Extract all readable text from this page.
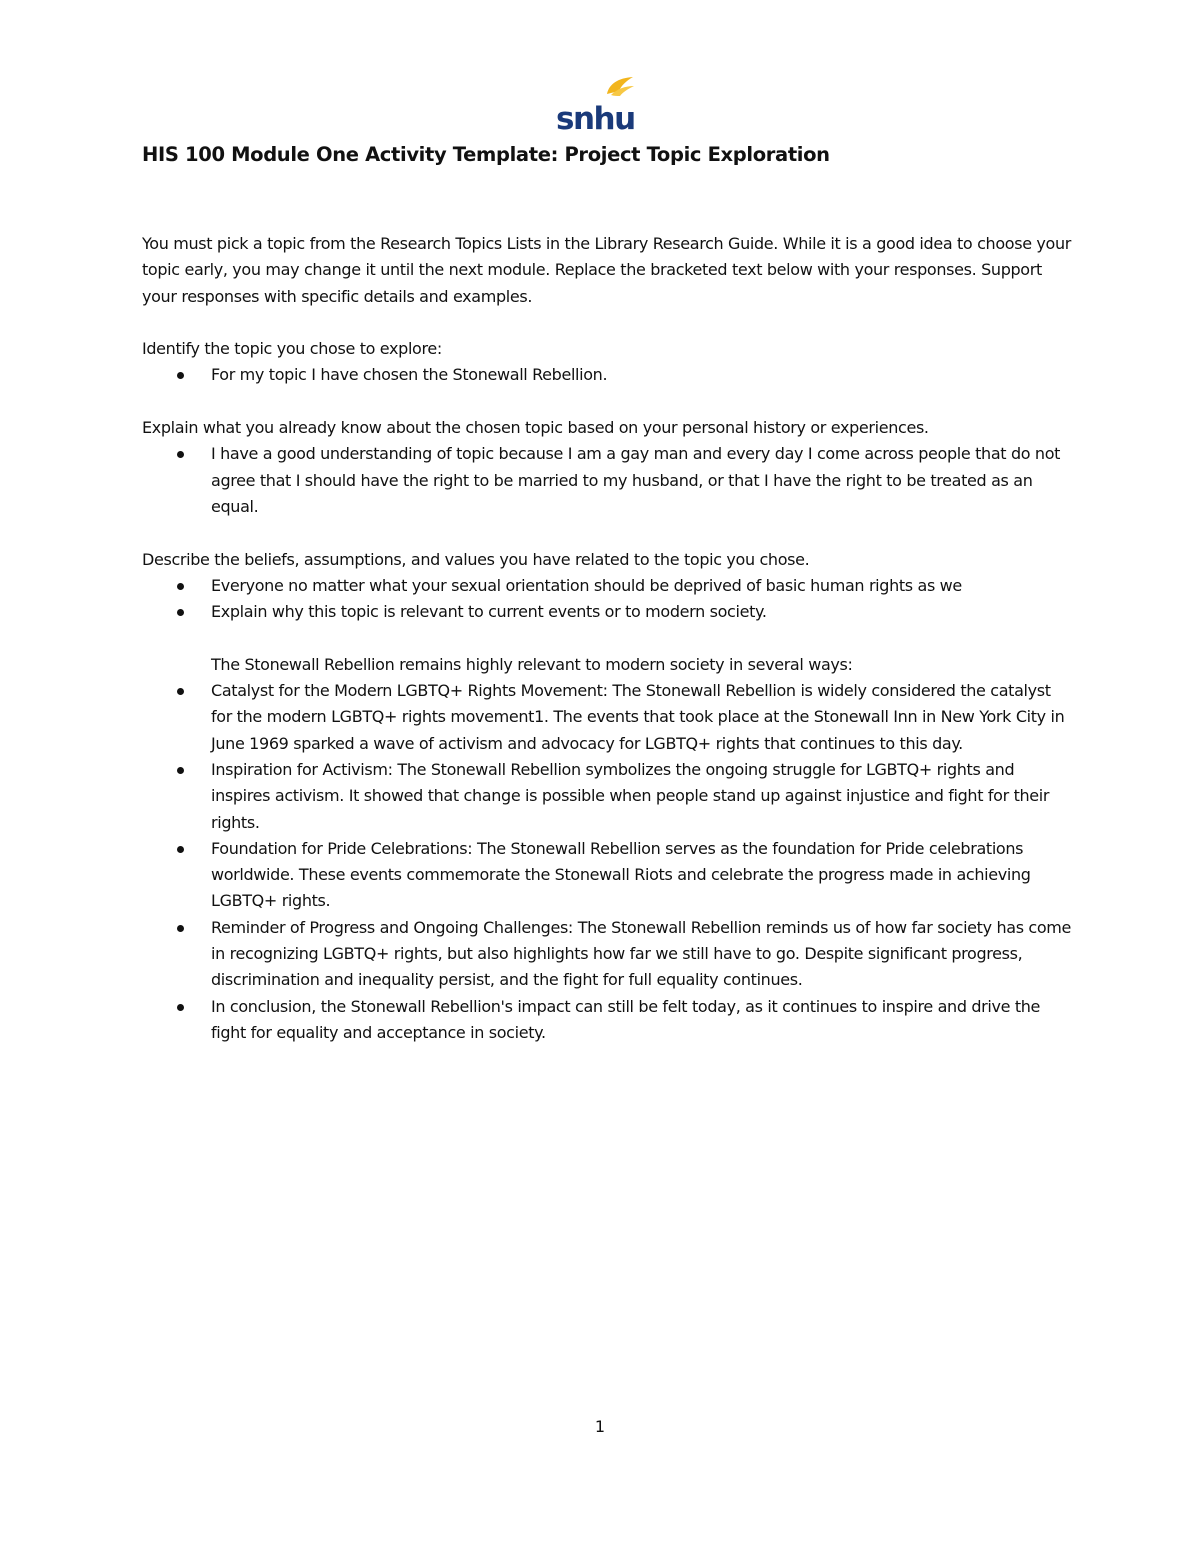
snhu
HIS 100 Module One Activity Template: Project Topic Exploration

You must pick a topic from the Research Topics Lists in the Library Research Guide. While it is a good idea to choose your topic early, you may change it until the next module. Replace the bracketed text below with your responses. Support your responses with specific details and examples.

Identify the topic you chose to explore:

For my topic I have chosen the Stonewall Rebellion.

Explain what you already know about the chosen topic based on your personal history or experiences.

I have a good understanding of topic because I am a gay man and every day I come across people that do not agree that I should have the right to be married to my husband, or that I have the right to be treated as an equal.

Describe the beliefs, assumptions, and values you have related to the topic you chose.

Everyone no matter what your sexual orientation should be deprived of basic human rights as we
Explain why this topic is relevant to current events or to modern society.

The Stonewall Rebellion remains highly relevant to modern society in several ways:

Catalyst for the Modern LGBTQ+ Rights Movement: The Stonewall Rebellion is widely considered the catalyst for the modern LGBTQ+ rights movement1. The events that took place at the Stonewall Inn in New York City in June 1969 sparked a wave of activism and advocacy for LGBTQ+ rights that continues to this day.
Inspiration for Activism: The Stonewall Rebellion symbolizes the ongoing struggle for LGBTQ+ rights and inspires activism. It showed that change is possible when people stand up against injustice and fight for their rights.
Foundation for Pride Celebrations: The Stonewall Rebellion serves as the foundation for Pride celebrations worldwide. These events commemorate the Stonewall Riots and celebrate the progress made in achieving LGBTQ+ rights.
Reminder of Progress and Ongoing Challenges: The Stonewall Rebellion reminds us of how far society has come in recognizing LGBTQ+ rights, but also highlights how far we still have to go. Despite significant progress, discrimination and inequality persist, and the fight for full equality continues.
In conclusion, the Stonewall Rebellion's impact can still be felt today, as it continues to inspire and drive the fight for equality and acceptance in society.
1
